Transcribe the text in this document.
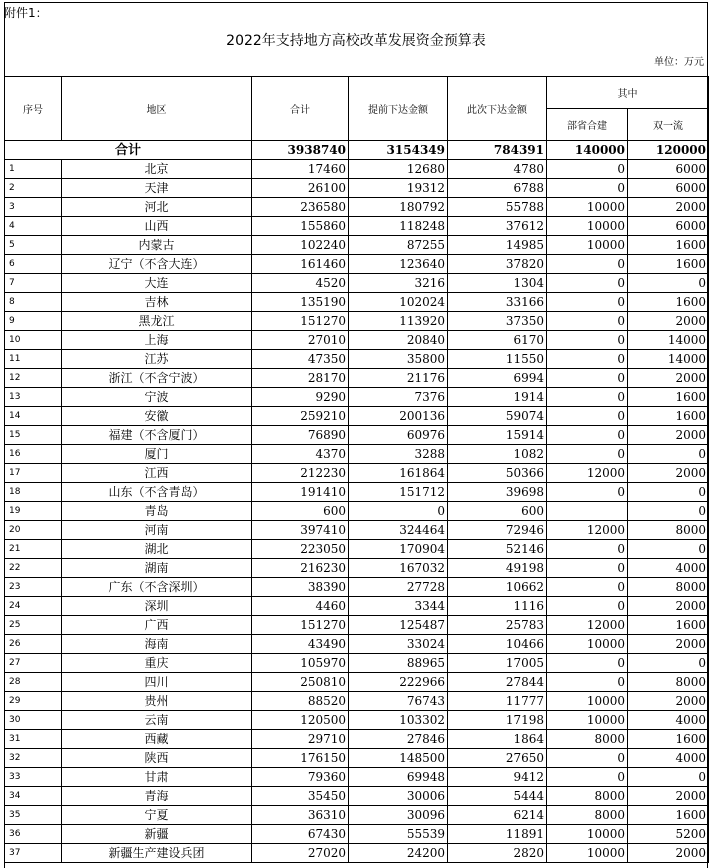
附件1：
2022年支持地方高校改革发展资金预算表
单位：万元
序号	地区	合计	提前下达金额	此次下达金额	其中	
					部省合建	双一流
合计		3938740	3154349	784391	140000	120000
1	北京	17460	12680	4780	0	6000
2	天津	26100	19312	6788	0	6000
3	河北	236580	180792	55788	10000	2000
4	山西	155860	118248	37612	10000	6000
5	内蒙古	102240	87255	14985	10000	1600
6	辽宁（不含大连）	161460	123640	37820	0	1600
7	大连	4520	3216	1304	0	0
8	吉林	135190	102024	33166	0	1600
9	黑龙江	151270	113920	37350	0	2000
10	上海	27010	20840	6170	0	14000
11	江苏	47350	35800	11550	0	14000
12	浙江（不含宁波）	28170	21176	6994	0	2000
13	宁波	9290	7376	1914	0	1600
14	安徽	259210	200136	59074	0	1600
15	福建（不含厦门）	76890	60976	15914	0	2000
16	厦门	4370	3288	1082	0	0
17	江西	212230	161864	50366	12000	2000
18	山东（不含青岛）	191410	151712	39698	0	0
19	青岛	600	0	600		0
20	河南	397410	324464	72946	12000	8000
21	湖北	223050	170904	52146	0	0
22	湖南	216230	167032	49198	0	4000
23	广东（不含深圳）	38390	27728	10662	0	8000
24	深圳	4460	3344	1116	0	2000
25	广西	151270	125487	25783	12000	1600
26	海南	43490	33024	10466	10000	2000
27	重庆	105970	88965	17005	0	0
28	四川	250810	222966	27844	0	8000
29	贵州	88520	76743	11777	10000	2000
30	云南	120500	103302	17198	10000	4000
31	西藏	29710	27846	1864	8000	1600
32	陕西	176150	148500	27650	0	4000
33	甘肃	79360	69948	9412	0	0
34	青海	35450	30006	5444	8000	2000
35	宁夏	36310	30096	6214	8000	1600
36	新疆	67430	55539	11891	10000	5200
37	新疆生产建设兵团	27020	24200	2820	10000	2000
